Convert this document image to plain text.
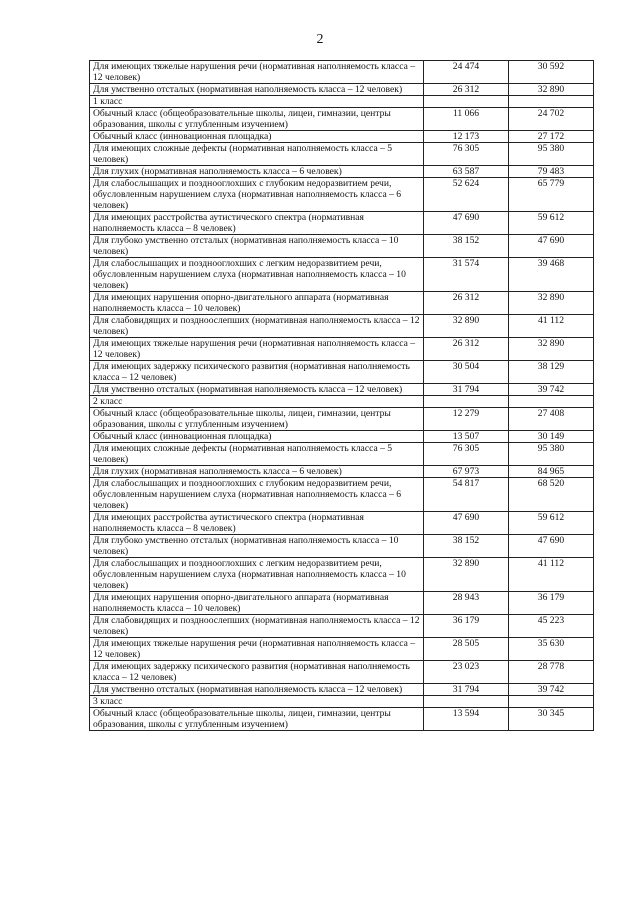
2
Для имеющих тяжелые нарушения речи (нормативная наполняемость класса – 12 человек)	24 474	30 592
Для умственно отсталых (нормативная наполняемость класса – 12 человек)	26 312	32 890
1 класс		
Обычный класс (общеобразовательные школы, лицеи, гимназии, центры образования, школы с углубленным изучением)	11 066	24 702
Обычный класс (инновационная площадка)	12 173	27 172
Для имеющих сложные дефекты (нормативная наполняемость класса – 5 человек)	76 305	95 380
Для глухих (нормативная наполняемость класса – 6 человек)	63 587	79 483
Для слабослышащих и позднооглохших с глубоким недоразвитием речи, обусловленным нарушением слуха (нормативная наполняемость класса – 6 человек)	52 624	65 779
Для имеющих расстройства аутистического спектра (нормативная наполняемость класса – 8 человек)	47 690	59 612
Для глубоко умственно отсталых (нормативная наполняемость класса – 10 человек)	38 152	47 690
Для слабослышащих и позднооглохших с легким недоразвитием речи, обусловленным нарушением слуха (нормативная наполняемость класса – 10 человек)	31 574	39 468
Для имеющих нарушения опорно-двигательного аппарата (нормативная наполняемость класса – 10 человек)	26 312	32 890
Для слабовидящих и поздноослепших (нормативная наполняемость класса – 12 человек)	32 890	41 112
Для имеющих тяжелые нарушения речи (нормативная наполняемость класса – 12 человек)	26 312	32 890
Для имеющих задержку психического развития (нормативная наполняемость класса – 12 человек)	30 504	38 129
Для умственно отсталых (нормативная наполняемость класса – 12 человек)	31 794	39 742
2 класс		
Обычный класс (общеобразовательные школы, лицеи, гимназии, центры образования, школы с углубленным изучением)	12 279	27 408
Обычный класс (инновационная площадка)	13 507	30 149
Для имеющих сложные дефекты (нормативная наполняемость класса – 5 человек)	76 305	95 380
Для глухих (нормативная наполняемость класса – 6 человек)	67 973	84 965
Для слабослышащих и позднооглохших с глубоким недоразвитием речи, обусловленным нарушением слуха (нормативная наполняемость класса – 6 человек)	54 817	68 520
Для имеющих расстройства аутистического спектра (нормативная наполняемость класса – 8 человек)	47 690	59 612
Для глубоко умственно отсталых (нормативная наполняемость класса – 10 человек)	38 152	47 690
Для слабослышащих и позднооглохших с легким недоразвитием речи, обусловленным нарушением слуха (нормативная наполняемость класса – 10 человек)	32 890	41 112
Для имеющих нарушения опорно-двигательного аппарата (нормативная наполняемость класса – 10 человек)	28 943	36 179
Для слабовидящих и поздноослепших (нормативная наполняемость класса – 12 человек)	36 179	45 223
Для имеющих тяжелые нарушения речи (нормативная наполняемость класса – 12 человек)	28 505	35 630
Для имеющих задержку психического развития (нормативная наполняемость класса – 12 человек)	23 023	28 778
Для умственно отсталых (нормативная наполняемость класса – 12 человек)	31 794	39 742
3 класс		
Обычный класс (общеобразовательные школы, лицеи, гимназии, центры образования, школы с углубленным изучением)	13 594	30 345
